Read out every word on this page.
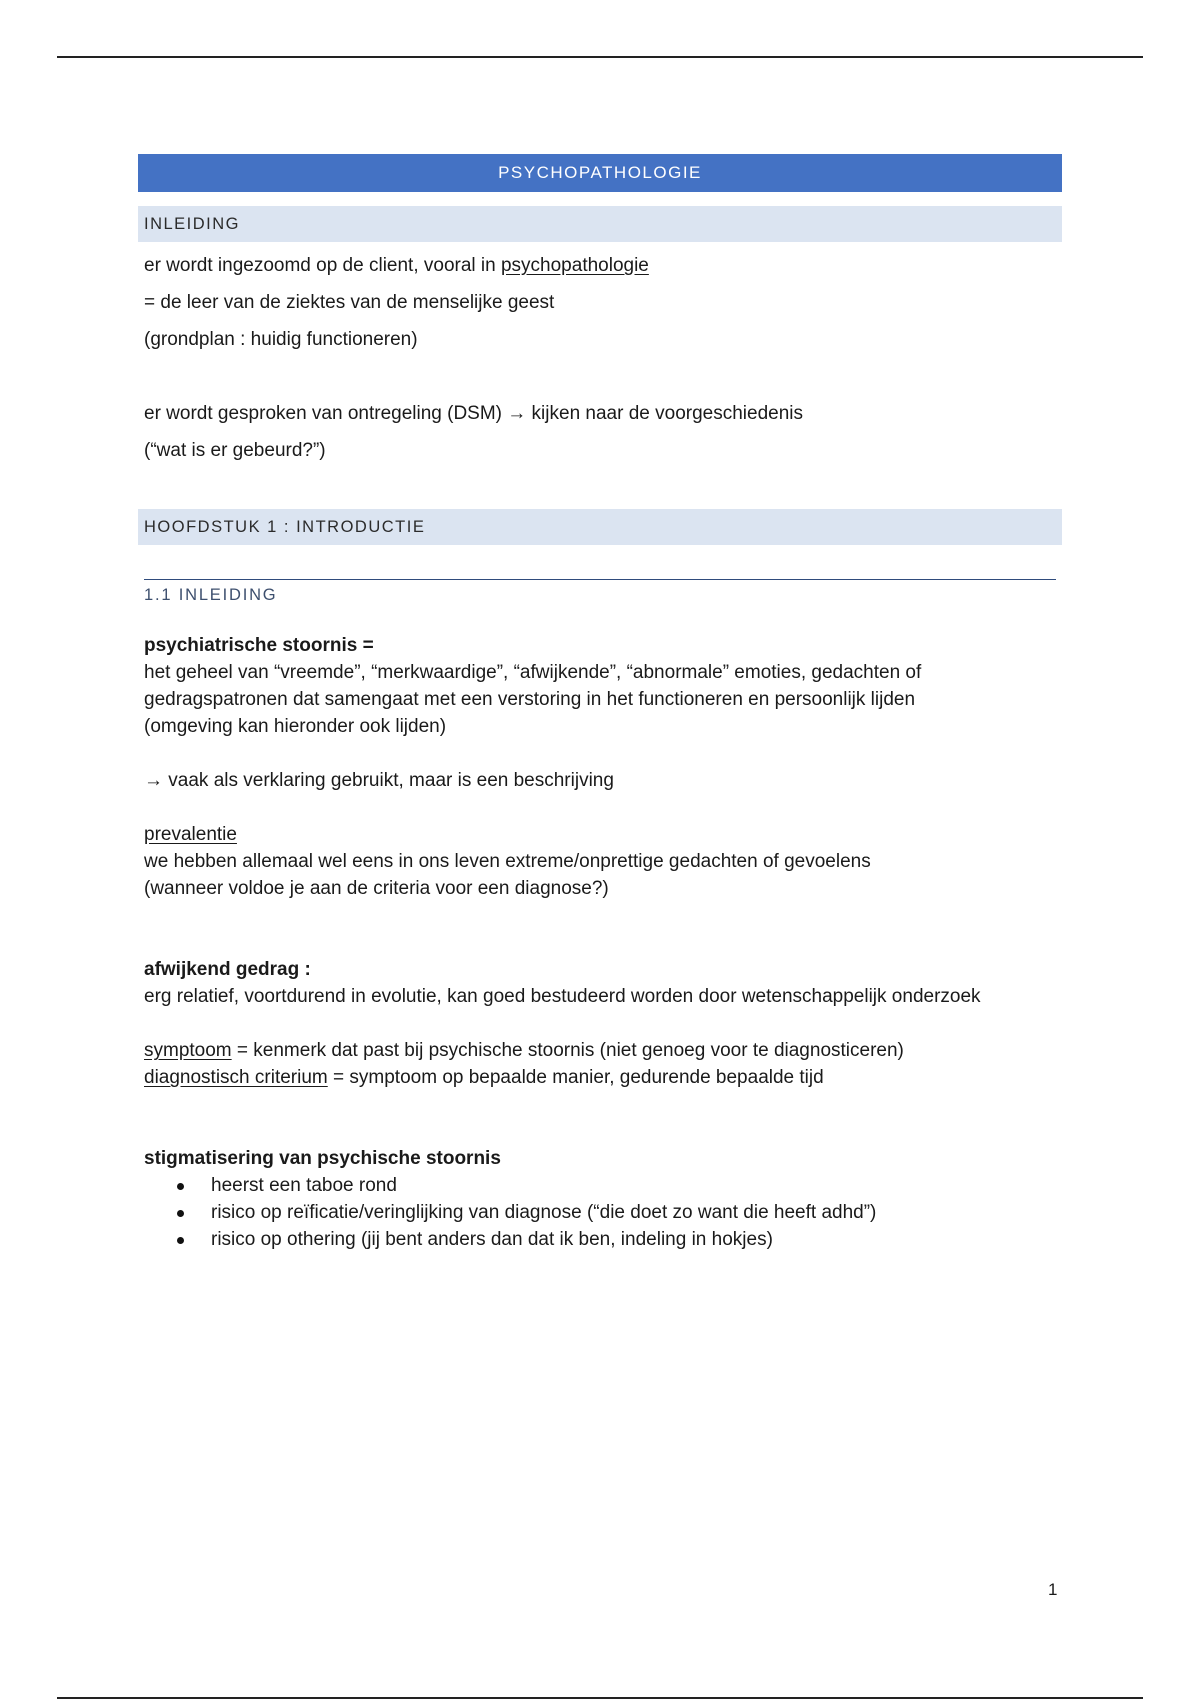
PSYCHOPATHOLOGIE
INLEIDING
er wordt ingezoomd op de client, vooral in psychopathologie
= de leer van de ziektes van de menselijke geest
(grondplan : huidig functioneren)
er wordt gesproken van ontregeling (DSM) → kijken naar de voorgeschiedenis
(“wat is er gebeurd?”)
HOOFDSTUK 1 : INTRODUCTIE
1.1 INLEIDING
psychiatrische stoornis =
het geheel van “vreemde”, “merkwaardige”, “afwijkende”, “abnormale” emoties, gedachten of
gedragspatronen dat samengaat met een verstoring in het functioneren en persoonlijk lijden
(omgeving kan hieronder ook lijden)
→ vaak als verklaring gebruikt, maar is een beschrijving
prevalentie
we hebben allemaal wel eens in ons leven extreme/onprettige gedachten of gevoelens
(wanneer voldoe je aan de criteria voor een diagnose?)
afwijkend gedrag :
erg relatief, voortdurend in evolutie, kan goed bestudeerd worden door wetenschappelijk onderzoek
symptoom = kenmerk dat past bij psychische stoornis (niet genoeg voor te diagnosticeren)
diagnostisch criterium = symptoom op bepaalde manier, gedurende bepaalde tijd
stigmatisering van psychische stoornis
heerst een taboe rond
risico op reïficatie/veringlijking van diagnose (“die doet zo want die heeft adhd”)
risico op othering (jij bent anders dan dat ik ben, indeling in hokjes)
1
